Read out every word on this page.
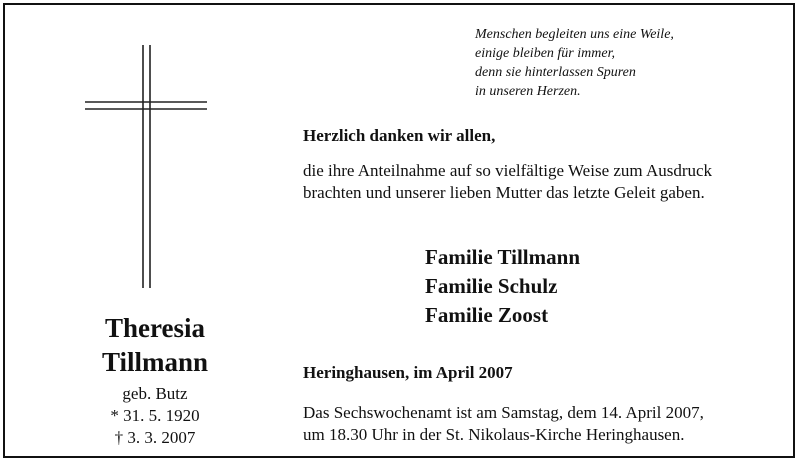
Theresia
Tillmann
geb. Butz
* 31. 5. 1920
† 3. 3. 2007
Menschen begleiten uns eine Weile,
einige bleiben für immer,
denn sie hinterlassen Spuren
in unseren Herzen.
Herzlich danken wir allen,
die ihre Anteilnahme auf so vielfältige Weise zum Ausdruck
brachten und unserer lieben Mutter das letzte Geleit gaben.
Familie Tillmann
Familie Schulz
Familie Zoost
Heringhausen, im April 2007
Das Sechswochenamt ist am Samstag, dem 14. April 2007,
um 18.30 Uhr in der St. Nikolaus-Kirche Heringhausen.
